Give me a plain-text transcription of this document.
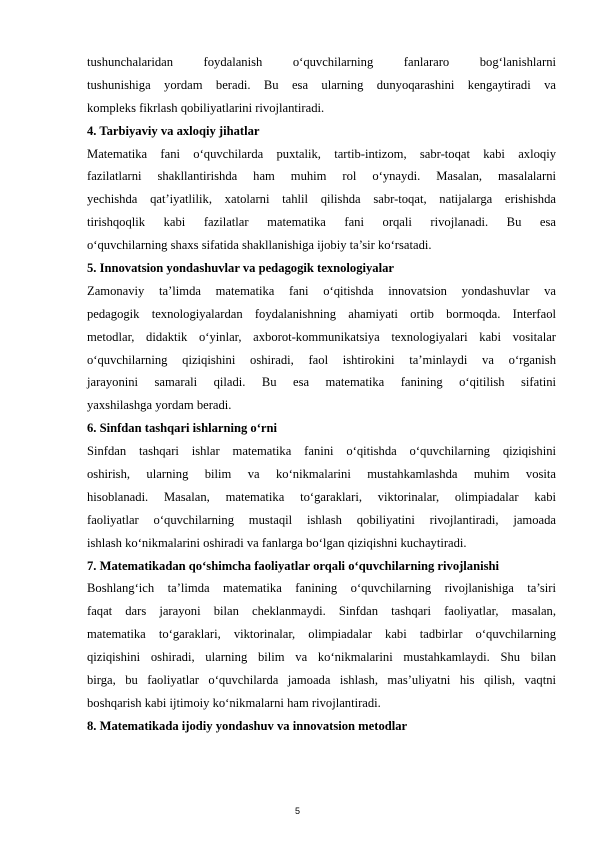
tushunchalaridan foydalanish o‘quvchilarning fanlararo bog‘lanishlarni
tushunishiga yordam beradi. Bu esa ularning dunyoqarashini kengaytiradi va
kompleks fikrlash qobiliyatlarini rivojlantiradi.
4. Tarbiyaviy va axloqiy jihatlar
Matematika fani o‘quvchilarda puxtalik, tartib-intizom, sabr-toqat kabi axloqiy
fazilatlarni shakllantirishda ham muhim rol o‘ynaydi. Masalan, masalalarni
yechishda qat’iyatlilik, xatolarni tahlil qilishda sabr-toqat, natijalarga erishishda
tirishqoqlik kabi fazilatlar matematika fani orqali rivojlanadi. Bu esa
o‘quvchilarning shaxs sifatida shakllanishiga ijobiy ta’sir ko‘rsatadi.
5. Innovatsion yondashuvlar va pedagogik texnologiyalar
Zamonaviy ta’limda matematika fani o‘qitishda innovatsion yondashuvlar va
pedagogik texnologiyalardan foydalanishning ahamiyati ortib bormoqda. Interfaol
metodlar, didaktik o‘yinlar, axborot-kommunikatsiya texnologiyalari kabi vositalar
o‘quvchilarning qiziqishini oshiradi, faol ishtirokini ta’minlaydi va o‘rganish
jarayonini samarali qiladi. Bu esa matematika fanining o‘qitilish sifatini
yaxshilashga yordam beradi.
6. Sinfdan tashqari ishlarning o‘rni
Sinfdan tashqari ishlar matematika fanini o‘qitishda o‘quvchilarning qiziqishini
oshirish, ularning bilim va ko‘nikmalarini mustahkamlashda muhim vosita
hisoblanadi. Masalan, matematika to‘garaklari, viktorinalar, olimpiadalar kabi
faoliyatlar o‘quvchilarning mustaqil ishlash qobiliyatini rivojlantiradi, jamoada
ishlash ko‘nikmalarini oshiradi va fanlarga bo‘lgan qiziqishni kuchaytiradi.
7. Matematikadan qo‘shimcha faoliyatlar orqali o‘quvchilarning rivojlanishi
Boshlang‘ich ta’limda matematika fanining o‘quvchilarning rivojlanishiga ta’siri
faqat dars jarayoni bilan cheklanmaydi. Sinfdan tashqari faoliyatlar, masalan,
matematika to‘garaklari, viktorinalar, olimpiadalar kabi tadbirlar o‘quvchilarning
qiziqishini oshiradi, ularning bilim va ko‘nikmalarini mustahkamlaydi. Shu bilan
birga, bu faoliyatlar o‘quvchilarda jamoada ishlash, mas’uliyatni his qilish, vaqtni
boshqarish kabi ijtimoiy ko‘nikmalarni ham rivojlantiradi.
8. Matematikada ijodiy yondashuv va innovatsion metodlar
5
